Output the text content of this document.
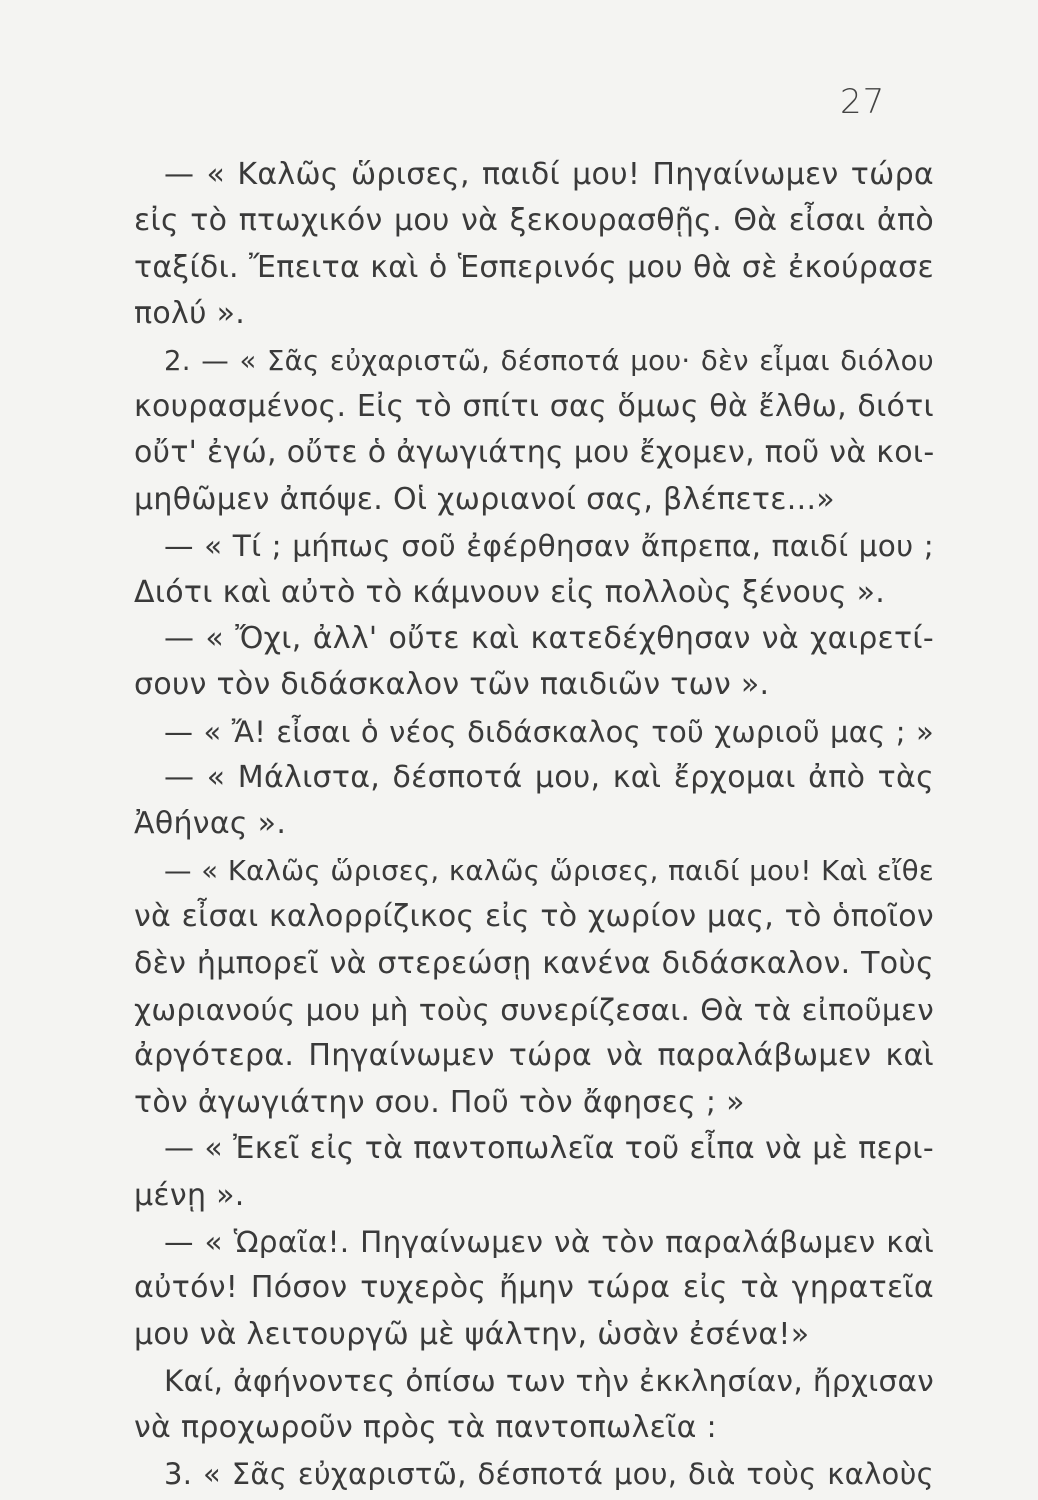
27
— « Καλῶς ὥρισες, παιδί μου! Πηγαίνωμεν τώρα
εἰς τὸ πτωχικόν μου νὰ ξεκουρασθῇς. Θὰ εἶσαι ἀπὸ
ταξίδι. Ἔπειτα καὶ ὁ Ἑσπερινός μου θὰ σὲ ἐκούρασε
πολύ ».
2. — « Σᾶς εὐχαριστῶ, δέσποτά μου· δὲν εἶμαι διόλου
κουρασμένος. Εἰς τὸ σπίτι σας ὅμως θὰ ἔλθω, διότι
οὔτ' ἐγώ, οὔτε ὁ ἀγωγιάτης μου ἔχομεν, ποῦ νὰ κοι-
μηθῶμεν ἀπόψε. Οἱ χωριανοί σας, βλέπετε...»
— « Τί ; μήπως σοῦ ἐφέρθησαν ἄπρεπα, παιδί μου ;
Διότι καὶ αὐτὸ τὸ κάμνουν εἰς πολλοὺς ξένους ».
— « Ὄχι, ἀλλ' οὔτε καὶ κατεδέχθησαν νὰ χαιρετί-
σουν τὸν διδάσκαλον τῶν παιδιῶν των ».
— « Ἄ! εἶσαι ὁ νέος διδάσκαλος τοῦ χωριοῦ μας ; »
— « Μάλιστα, δέσποτά μου, καὶ ἔρχομαι ἀπὸ τὰς
Ἀθήνας ».
— « Καλῶς ὥρισες, καλῶς ὥρισες, παιδί μου! Καὶ εἴθε
νὰ εἶσαι καλορρίζικος εἰς τὸ χωρίον μας, τὸ ὁποῖον
δὲν ἠμπορεῖ νὰ στερεώσῃ κανένα διδάσκαλον. Τοὺς
χωριανούς μου μὴ τοὺς συνερίζεσαι. Θὰ τὰ εἰποῦμεν
ἀργότερα. Πηγαίνωμεν τώρα νὰ παραλάβωμεν καὶ
τὸν ἀγωγιάτην σου. Ποῦ τὸν ἄφησες ; »
— « Ἐκεῖ εἰς τὰ παντοπωλεῖα τοῦ εἶπα νὰ μὲ περι-
μένῃ ».
— « Ὡραῖα!. Πηγαίνωμεν νὰ τὸν παραλάβωμεν καὶ
αὐτόν! Πόσον τυχερὸς ἤμην τώρα εἰς τὰ γηρατεῖα
μου νὰ λειτουργῶ μὲ ψάλτην, ὡσὰν ἐσένα!»
Καί, ἀφήνοντες ὀπίσω των τὴν ἐκκλησίαν, ἤρχισαν
νὰ προχωροῦν πρὸς τὰ παντοπωλεῖα :
3. « Σᾶς εὐχαριστῶ, δέσποτά μου, διὰ τοὺς καλοὺς
